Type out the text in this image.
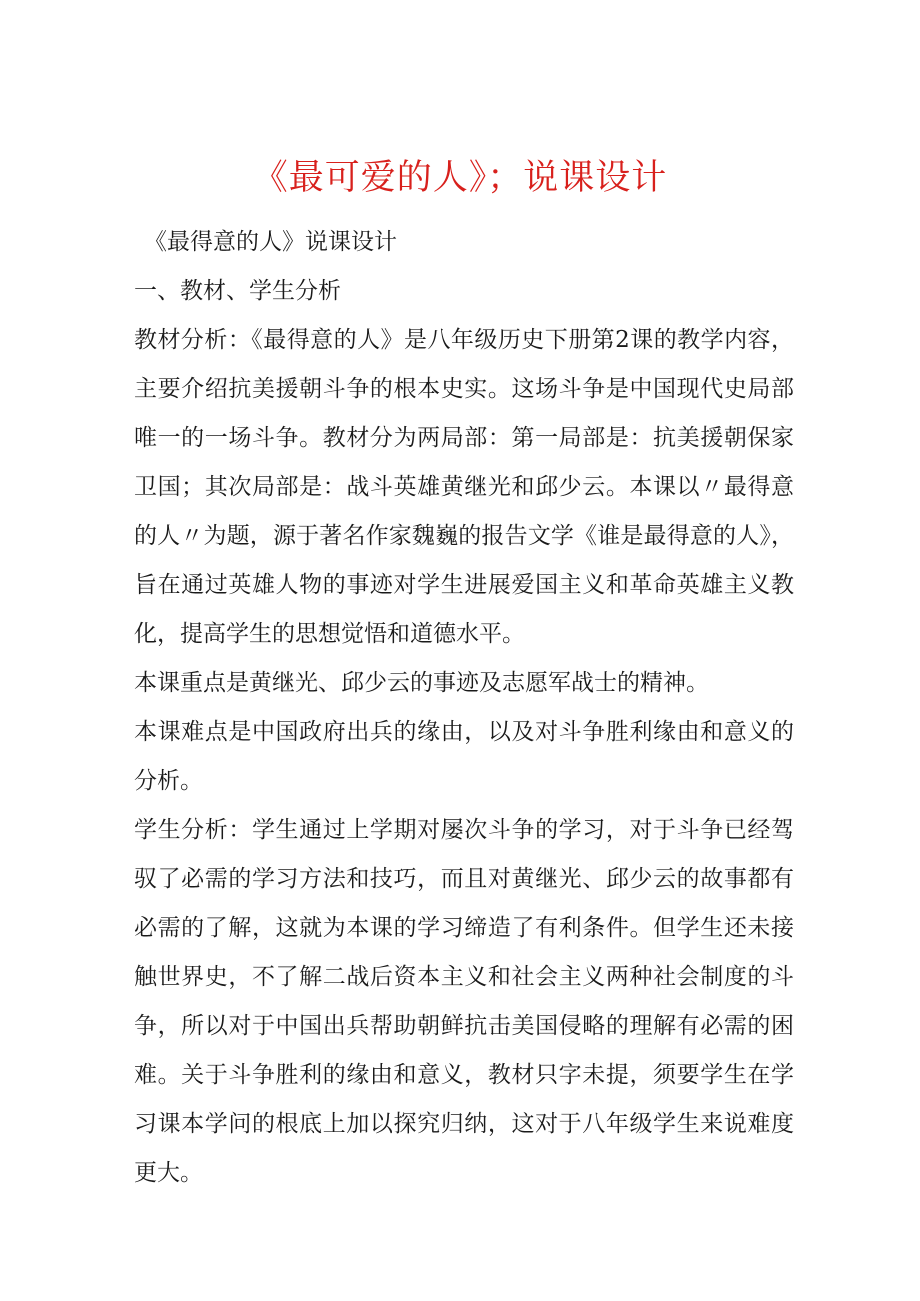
《最可爱的人》；说课设计

《最得意的人》说课设计

一、教材、学生分析

教材分析：《最得意的人》是八年级历史下册第2课的教学内容，主要介绍抗美援朝斗争的根本史实。这场斗争是中国现代史局部唯一的一场斗争。教材分为两局部：第一局部是：抗美援朝保家卫国；其次局部是：战斗英雄黄继光和邱少云。本课以〃最得意的人〃为题，源于著名作家魏巍的报告文学《谁是最得意的人》，旨在通过英雄人物的事迹对学生进展爱国主义和革命英雄主义教化，提高学生的思想觉悟和道德水平。

本课重点是黄继光、邱少云的事迹及志愿军战士的精神。

本课难点是中国政府出兵的缘由，以及对斗争胜利缘由和意义的分析。

学生分析：学生通过上学期对屡次斗争的学习，对于斗争已经驾驭了必需的学习方法和技巧，而且对黄继光、邱少云的故事都有必需的了解，这就为本课的学习缔造了有利条件。但学生还未接触世界史，不了解二战后资本主义和社会主义两种社会制度的斗争，所以对于中国出兵帮助朝鲜抗击美国侵略的理解有必需的困难。关于斗争胜利的缘由和意义，教材只字未提，须要学生在学习课本学问的根底上加以探究归纳，这对于八年级学生来说难度更大。
